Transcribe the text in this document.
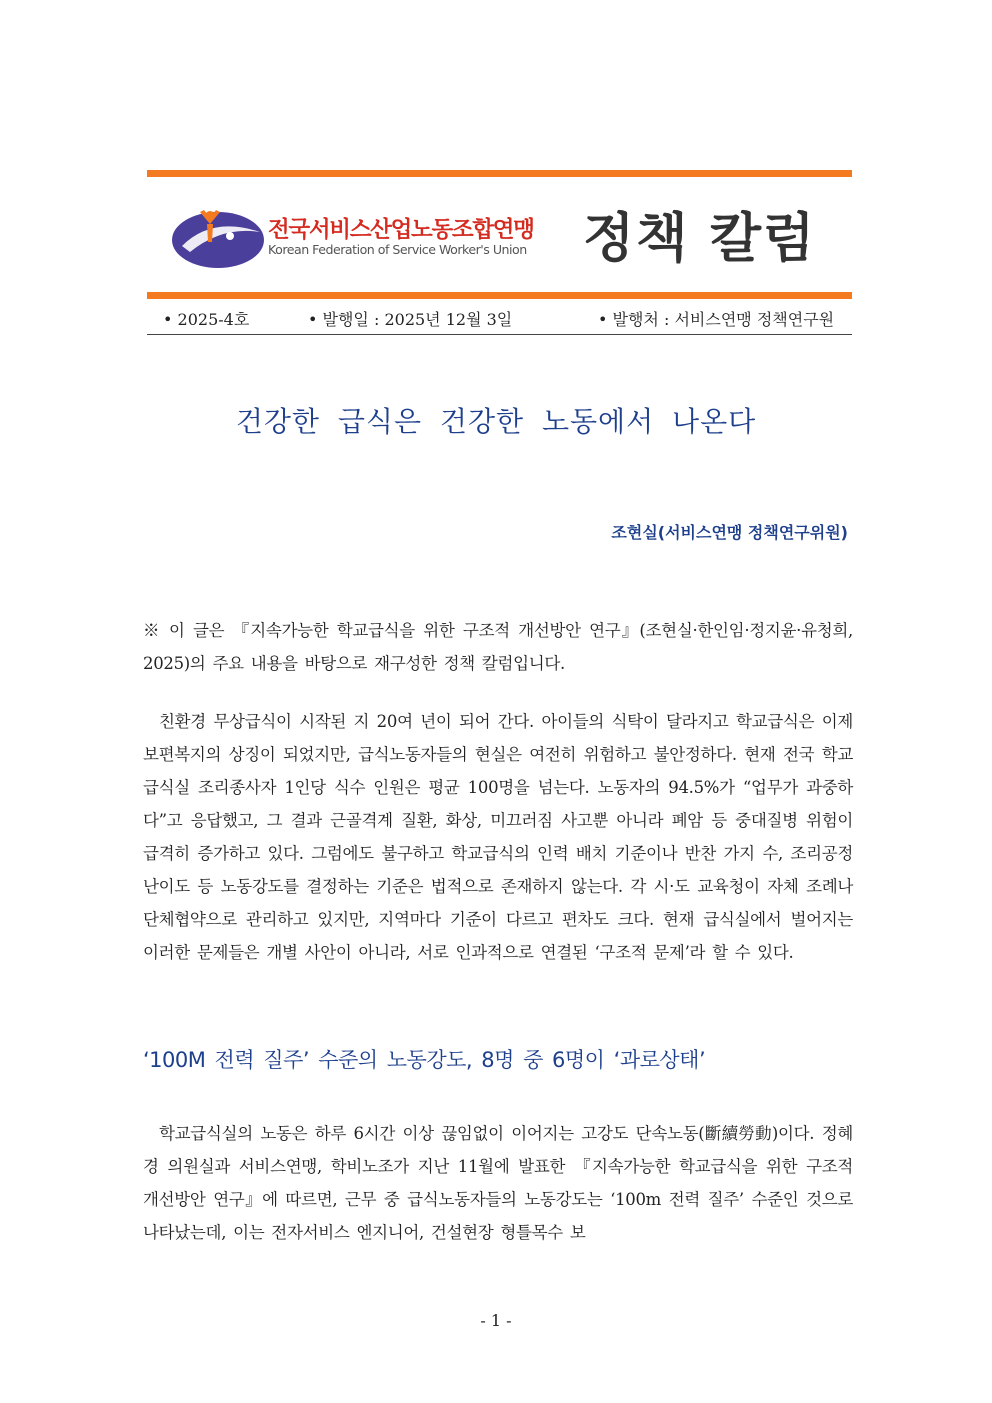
전국서비스산업노동조합연맹
Korean Federation of Service Worker's Union 정책 칼럼
• 2025-4호	• 발행일 : 2025년 12월 3일	• 발행처 : 서비스연맹 정책연구원
건강한 급식은 건강한 노동에서 나온다
조현실(서비스연맹 정책연구위원)
※ 이 글은 『지속가능한 학교급식을 위한 구조적 개선방안 연구』(조현실·한인임·정지윤·유청희, 2025)의 주요 내용을 바탕으로 재구성한 정책 칼럼입니다.
친환경 무상급식이 시작된 지 20여 년이 되어 간다. 아이들의 식탁이 달라지고 학교급식은 이제 보편복지의 상징이 되었지만, 급식노동자들의 현실은 여전히 위험하고 불안정하다. 현재 전국 학교급식실 조리종사자 1인당 식수 인원은 평균 100명을 넘는다. 노동자의 94.5%가 “업무가 과중하다”고 응답했고, 그 결과 근골격계 질환, 화상, 미끄러짐 사고뿐 아니라 폐암 등 중대질병 위험이 급격히 증가하고 있다. 그럼에도 불구하고 학교급식의 인력 배치 기준이나 반찬 가지 수, 조리공정 난이도 등 노동강도를 결정하는 기준은 법적으로 존재하지 않는다. 각 시·도 교육청이 자체 조례나 단체협약으로 관리하고 있지만, 지역마다 기준이 다르고 편차도 크다. 현재 급식실에서 벌어지는 이러한 문제들은 개별 사안이 아니라, 서로 인과적으로 연결된 ‘구조적 문제’라 할 수 있다.
‘100M 전력 질주’ 수준의 노동강도, 8명 중 6명이 ‘과로상태’
학교급식실의 노동은 하루 6시간 이상 끊임없이 이어지는 고강도 단속노동(斷續勞動)이다. 정혜경 의원실과 서비스연맹, 학비노조가 지난 11월에 발표한 『지속가능한 학교급식을 위한 구조적 개선방안 연구』에 따르면, 근무 중 급식노동자들의 노동강도는 ‘100m 전력 질주’ 수준인 것으로 나타났는데, 이는 전자서비스 엔지니어, 건설현장 형틀목수 보
- 1 -
